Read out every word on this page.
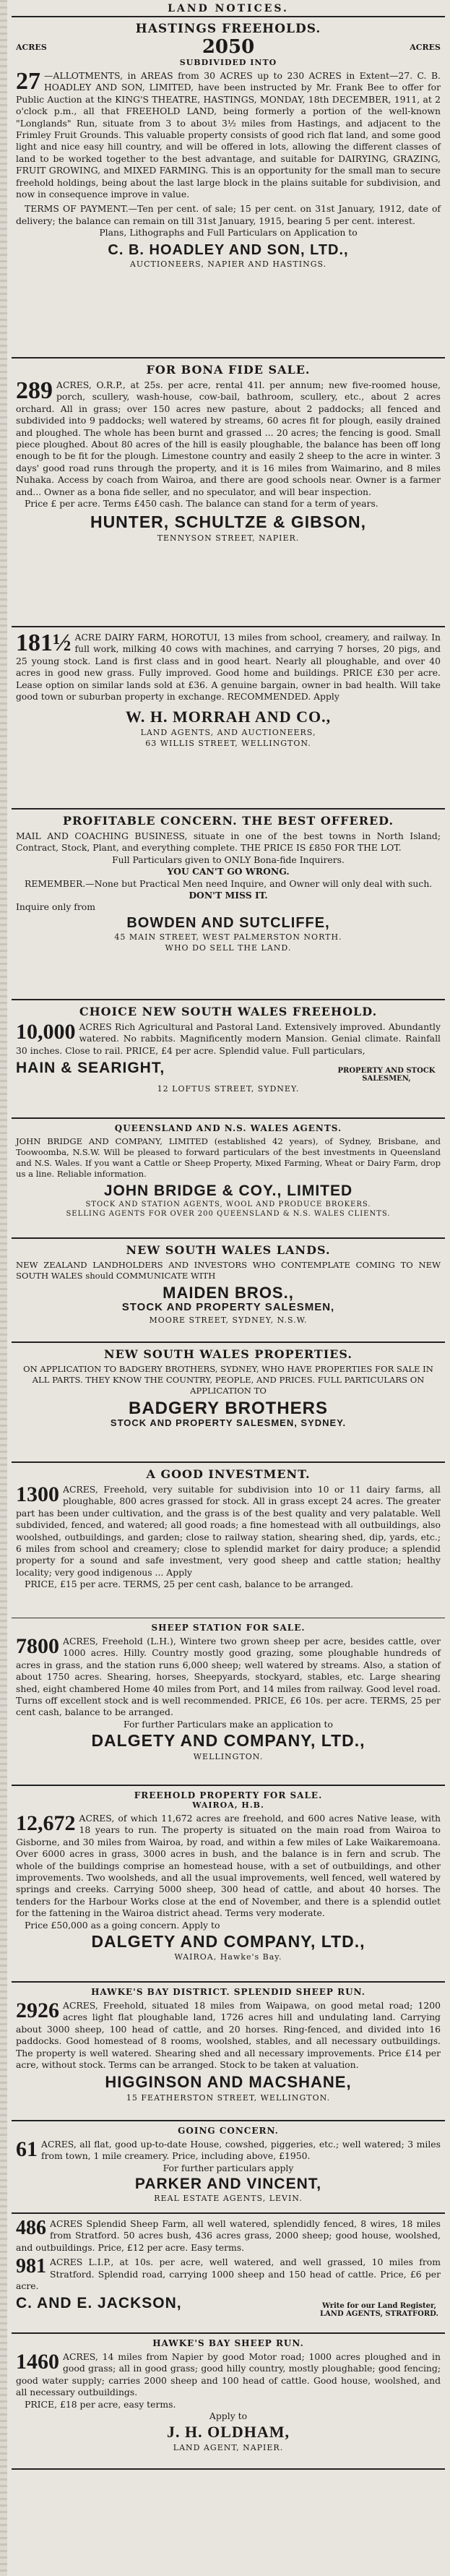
LAND NOTICES.
HASTINGS FREEHOLDS.
ACRES	2050	ACRES
SUBDIVIDED INTO
27 —ALLOTMENTS, in AREAS from 30 ACRES up to 230 ACRES in Extent—27. C. B. HOADLEY AND SON, LIMITED, have been instructed by Mr. Frank Bee to offer for Public Auction at the KING'S THEATRE, HASTINGS, MONDAY, 18th DECEMBER, 1911, at 2 o'clock p.m., all that FREEHOLD LAND, being formerly a portion of the well-known "Longlands" Run, situate from 3 to about 3½ miles from Hastings, and adjacent to the Frimley Fruit Grounds. This valuable property consists of good rich flat land, and some good light and nice easy hill country, and will be offered in lots, allowing the different classes of land to be worked together to the best advantage, and suitable for DAIRYING, GRAZING, FRUIT GROWING, and MIXED FARMING. This is an opportunity for the small man to secure freehold holdings, being about the last large block in the plains suitable for subdivision, and now in consequence improve in value.

TERMS OF PAYMENT.—Ten per cent. of sale; 15 per cent. on 31st January, 1912, date of delivery; the balance can remain on till 31st January, 1915, bearing 5 per cent. interest.

Plans, Lithographs and Full Particulars on Application to

C. B. HOADLEY AND SON, LTD.,
AUCTIONEERS, NAPIER AND HASTINGS.
FOR BONA FIDE SALE.
289 ACRES, O.R.P., at 25s. per acre, rental 41l. per annum; new five-roomed house, porch, scullery, wash-house, cow-bail, bathroom, scullery, etc., about 2 acres orchard. All in grass; over 150 acres new pasture, about 2 paddocks; all fenced and subdivided into 9 paddocks; well watered by streams, 60 acres fit for plough, easily drained and ploughed. The whole has been burnt and grassed ... 20 acres; the fencing is good. Small piece ploughed. About 80 acres of the hill is easily ploughable, the balance has been off long enough to be fit for the plough. Limestone country and easily 2 sheep to the acre in winter. 3 days' good road runs through the property, and it is 16 miles from Waimarino, and 8 miles Nuhaka. Access by coach from Wairoa, and there are good schools near. Owner is a farmer and... Owner as a bona fide seller, and no speculator, and will bear inspection.

Price £ per acre. Terms £450 cash. The balance can stand for a term of years.

HUNTER, SCHULTZE & GIBSON,
TENNYSON STREET, NAPIER.
181½ ACRE DAIRY FARM, HOROTUI, 13 miles from school, creamery, and railway. In full work, milking 40 cows with machines, and carrying 7 horses, 20 pigs, and 25 young stock. Land is first class and in good heart. Nearly all ploughable, and over 40 acres in good new grass. Fully improved. Good home and buildings. PRICE £30 per acre. Lease option on similar lands sold at £36. A genuine bargain, owner in bad health. Will take good town or suburban property in exchange. RECOMMENDED. Apply
W. H. MORRAH AND CO.,
LAND AGENTS, AND AUCTIONEERS,
63 WILLIS STREET, WELLINGTON.
PROFITABLE CONCERN. THE BEST OFFERED.
MAIL AND COACHING BUSINESS, situate in one of the best towns in North Island; Contract, Stock, Plant, and everything complete. THE PRICE IS £850 FOR THE LOT.

Full Particulars given to ONLY Bona-fide Inquirers.

YOU CAN'T GO WRONG.

REMEMBER.—None but Practical Men need Inquire, and Owner will only deal with such.

DON'T MISS IT.

Inquire only from

BOWDEN AND SUTCLIFFE,
45 MAIN STREET, WEST PALMERSTON NORTH.
WHO DO SELL THE LAND.
CHOICE NEW SOUTH WALES FREEHOLD.
10,000 ACRES Rich Agricultural and Pastoral Land. Extensively improved. Abundantly watered. No rabbits. Magnificently modern Mansion. Genial climate. Rainfall 30 inches. Close to rail. PRICE, £4 per acre. Splendid value. Full particulars,
HAIN & SEARIGHT,	PROPERTY AND STOCK SALESMEN,
12 LOFTUS STREET, SYDNEY.
QUEENSLAND AND N.S. WALES AGENTS.
JOHN BRIDGE AND COMPANY, LIMITED (established 42 years), of Sydney, Brisbane, and Toowoomba, N.S.W. Will be pleased to forward particulars of the best investments in Queensland and N.S. Wales. If you want a Cattle or Sheep Property, Mixed Farming, Wheat or Dairy Farm, drop us a line. Reliable information.
JOHN BRIDGE & COY., LIMITED
STOCK AND STATION AGENTS, WOOL AND PRODUCE BROKERS.
SELLING AGENTS FOR OVER 200 QUEENSLAND & N.S. WALES CLIENTS.
NEW SOUTH WALES LANDS.
NEW ZEALAND LANDHOLDERS AND INVESTORS WHO CONTEMPLATE COMING TO NEW SOUTH WALES should COMMUNICATE WITH
MAIDEN BROS.,
STOCK AND PROPERTY SALESMEN,
MOORE STREET, SYDNEY, N.S.W.
NEW SOUTH WALES PROPERTIES.
ON APPLICATION TO BADGERY BROTHERS, SYDNEY, WHO HAVE PROPERTIES FOR SALE IN ALL PARTS. THEY KNOW THE COUNTRY, PEOPLE, AND PRICES. FULL PARTICULARS ON APPLICATION TO
BADGERY BROTHERS
STOCK AND PROPERTY SALESMEN, SYDNEY.
A GOOD INVESTMENT.
1300 ACRES, Freehold, very suitable for subdivision into 10 or 11 dairy farms, all ploughable, 800 acres grassed for stock. All in grass except 24 acres. The greater part has been under cultivation, and the grass is of the best quality and very palatable. Well subdivided, fenced, and watered; all good roads; a fine homestead with all outbuildings, also woolshed, outbuildings, and garden; close to railway station, shearing shed, dip, yards, etc.; 6 miles from school and creamery; close to splendid market for dairy produce; a splendid property for a sound and safe investment, very good sheep and cattle station; healthy locality; very good indigenous ... Apply

PRICE, £15 per acre. TERMS, 25 per cent cash, balance to be arranged.

SHEEP STATION FOR SALE.
7800 ACRES, Freehold (L.H.), Wintere two grown sheep per acre, besides cattle, over 1000 acres. Hilly. Country mostly good grazing, some ploughable hundreds of acres in grass, and the station runs 6,000 sheep; well watered by streams. Also, a station of about 1750 acres. Shearing, horses, Sheepyards, stockyard, stables, etc. Large shearing shed, eight chambered Home 40 miles from Port, and 14 miles from railway. Good level road. Turns off excellent stock and is well recommended. PRICE, £6 10s. per acre. TERMS, 25 per cent cash, balance to be arranged.

For further Particulars make an application to

DALGETY AND COMPANY, LTD.,
WELLINGTON.
FREEHOLD PROPERTY FOR SALE.
WAIROA, H.B.
12,672 ACRES, of which 11,672 acres are freehold, and 600 acres Native lease, with 18 years to run. The property is situated on the main road from Wairoa to Gisborne, and 30 miles from Wairoa, by road, and within a few miles of Lake Waikaremoana. Over 6000 acres in grass, 3000 acres in bush, and the balance is in fern and scrub. The whole of the buildings comprise an homestead house, with a set of outbuildings, and other improvements. Two woolsheds, and all the usual improvements, well fenced, well watered by springs and creeks. Carrying 5000 sheep, 300 head of cattle, and about 40 horses. The tenders for the Harbour Works close at the end of November, and there is a splendid outlet for the fattening in the Wairoa district ahead. Terms very moderate.

Price £50,000 as a going concern. Apply to

DALGETY AND COMPANY, LTD.,
WAIROA, Hawke's Bay.
HAWKE'S BAY DISTRICT. SPLENDID SHEEP RUN.
2926 ACRES, Freehold, situated 18 miles from Waipawa, on good metal road; 1200 acres light flat ploughable land, 1726 acres hill and undulating land. Carrying about 3000 sheep, 100 head of cattle, and 20 horses. Ring-fenced, and divided into 16 paddocks. Good homestead of 8 rooms, woolshed, stables, and all necessary outbuildings. The property is well watered. Shearing shed and all necessary improvements. Price £14 per acre, without stock. Terms can be arranged. Stock to be taken at valuation.
HIGGINSON AND MACSHANE,
15 FEATHERSTON STREET, WELLINGTON.
GOING CONCERN.
61 ACRES, all flat, good up-to-date House, cowshed, piggeries, etc.; well watered; 3 miles from town, 1 mile creamery. Price, including above, £1950.

For further particulars apply

PARKER AND VINCENT,
REAL ESTATE AGENTS, LEVIN.
486 ACRES Splendid Sheep Farm, all well watered, splendidly fenced, 8 wires, 18 miles from Stratford. 50 acres bush, 436 acres grass, 2000 sheep; good house, woolshed, and outbuildings. Price, £12 per acre. Easy terms.
981 ACRES L.I.P., at 10s. per acre, well watered, and well grassed, 10 miles from Stratford. Splendid road, carrying 1000 sheep and 150 head of cattle. Price, £6 per acre.
C. AND E. JACKSON,	Write for our Land Register, LAND AGENTS, STRATFORD.
HAWKE'S BAY SHEEP RUN.
1460 ACRES, 14 miles from Napier by good Motor road; 1000 acres ploughed and in good grass; all in good grass; good hilly country, mostly ploughable; good fencing; good water supply; carries 2000 sheep and 100 head of cattle. Good house, woolshed, and all necessary outbuildings.

PRICE, £18 per acre, easy terms.

Apply to

J. H. OLDHAM,
LAND AGENT, NAPIER.
